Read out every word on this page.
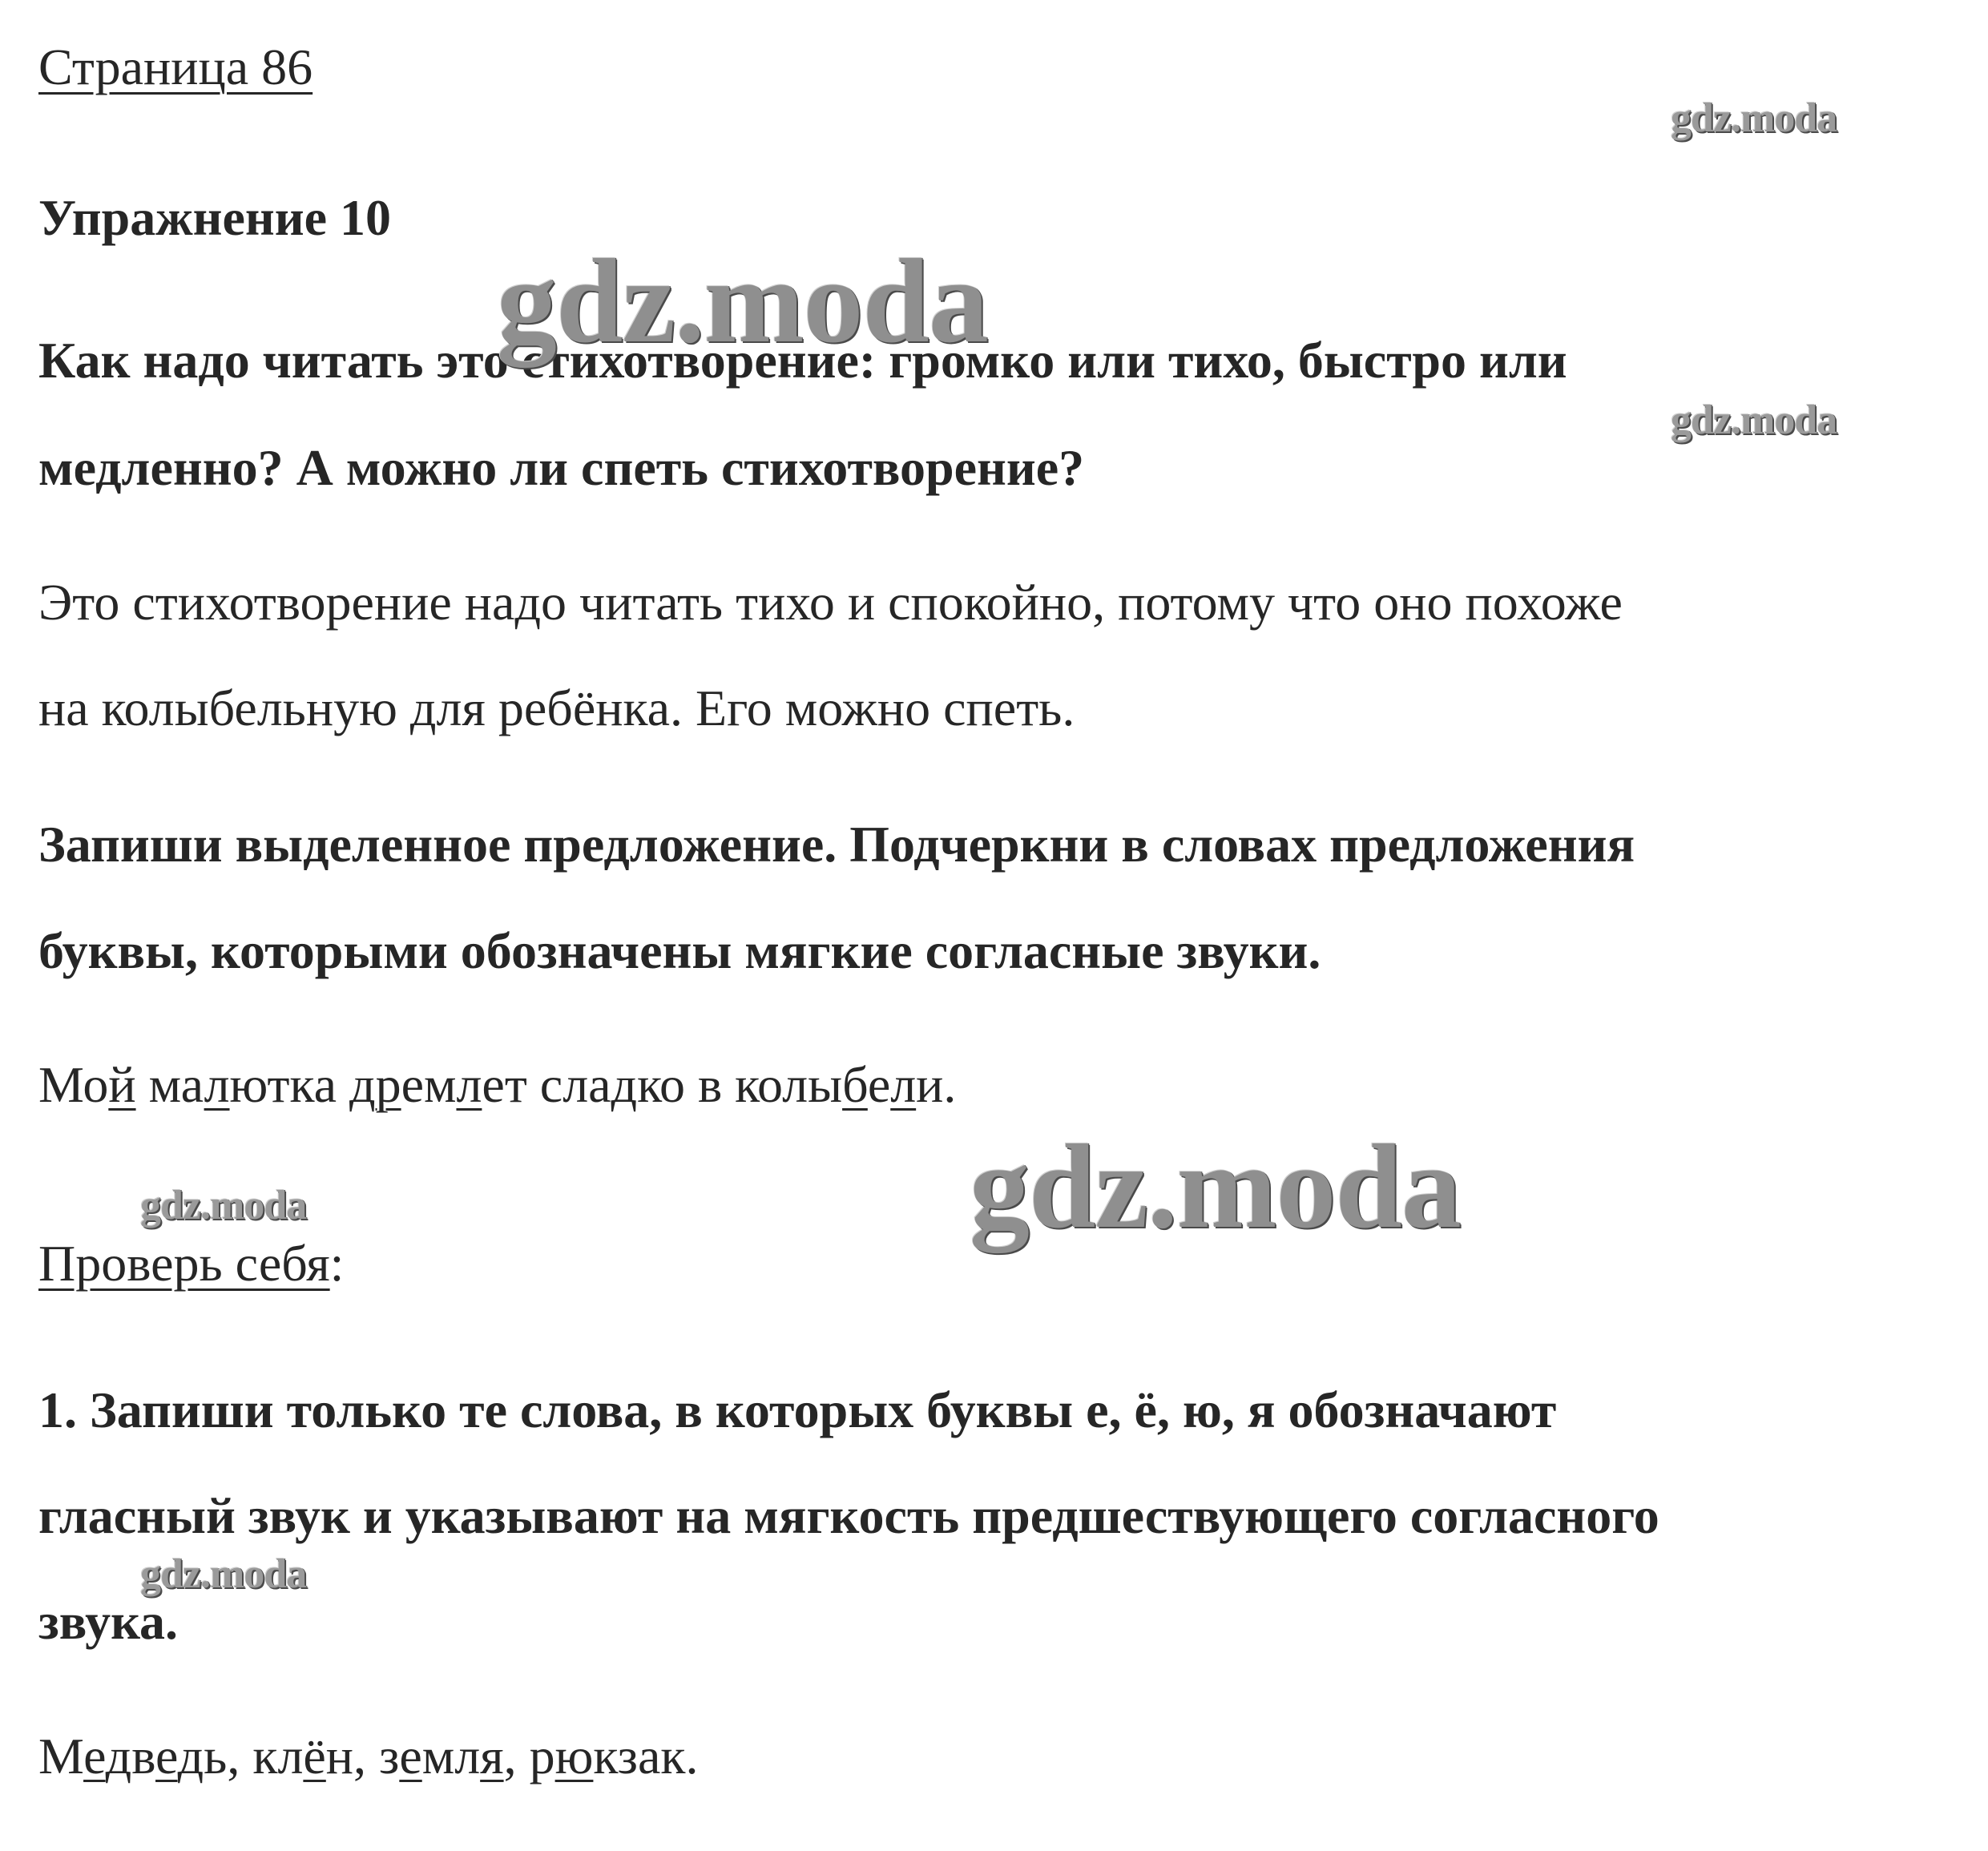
Страница 86
Упражнение 10
Как надо читать это стихотворение: громко или тихо, быстро или
медленно? А можно ли спеть стихотворение?
Это стихотворение надо читать тихо и спокойно, потому что оно похоже
на колыбельную для ребёнка. Его можно спеть.
Запиши выделенное предложение. Подчеркни в словах предложения
буквы, которыми обозначены мягкие согласные звуки.
Мой малютка дремлет сладко в колыбели.
Проверь себя:
1. Запиши только те слова, в которых буквы е, ё, ю, я обозначают
гласный звук и указывают на мягкость предшествующего согласного
звука.
Медведь, клён, земля, рюкзак.
gdz.moda
gdz.moda
gdz.moda
gdz.moda
gdz.moda
gdz.moda
